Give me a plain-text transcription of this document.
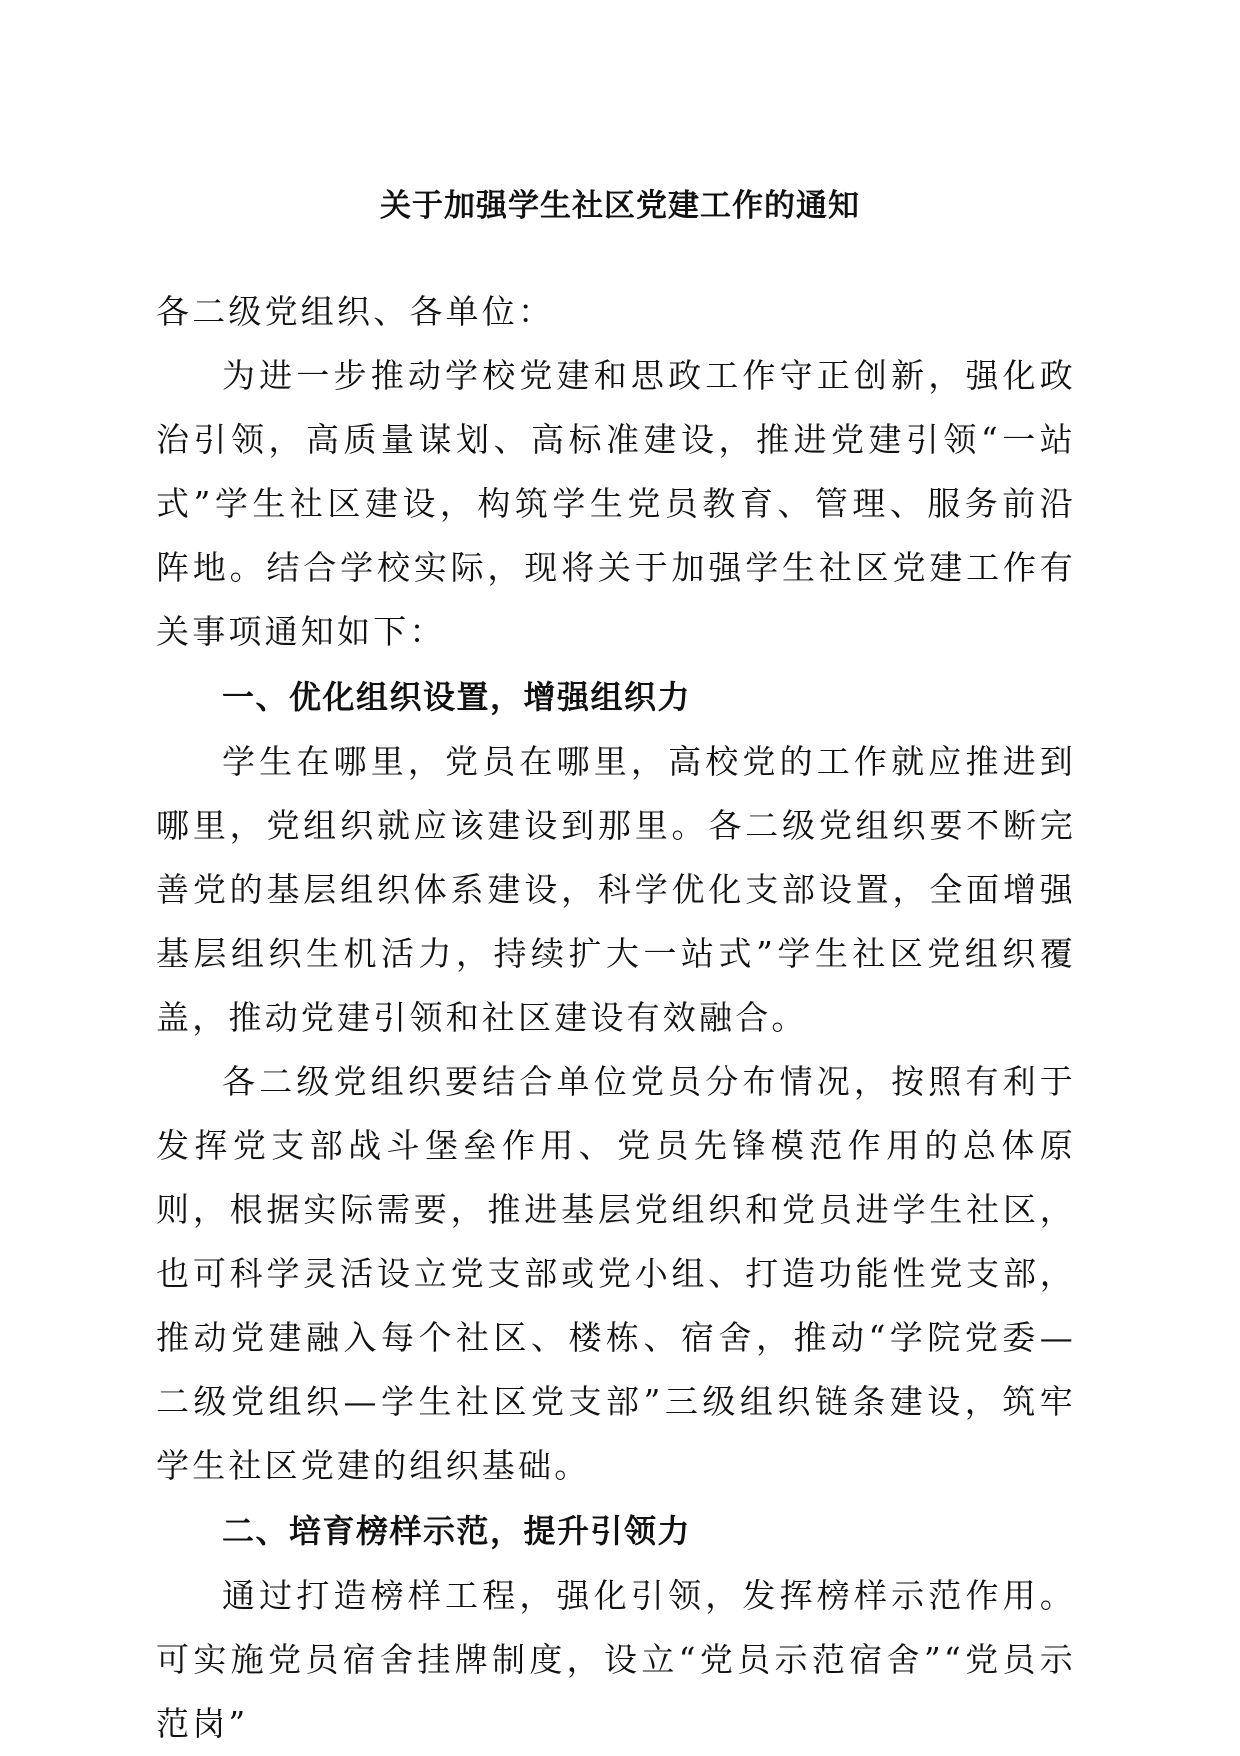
关于加强学生社区党建工作的通知

各二级党组织、各单位：

为进一步推动学校党建和思政工作守正创新，强化政治引领，高质量谋划、高标准建设，推进党建引领“一站式”学生社区建设，构筑学生党员教育、管理、服务前沿阵地。结合学校实际，现将关于加强学生社区党建工作有关事项通知如下：

一、优化组织设置，增强组织力

学生在哪里，党员在哪里，高校党的工作就应推进到哪里，党组织就应该建设到那里。各二级党组织要不断完善党的基层组织体系建设，科学优化支部设置，全面增强基层组织生机活力，持续扩大一站式”学生社区党组织覆盖，推动党建引领和社区建设有效融合。

各二级党组织要结合单位党员分布情况，按照有利于发挥党支部战斗堡垒作用、党员先锋模范作用的总体原则，根据实际需要，推进基层党组织和党员进学生社区，也可科学灵活设立党支部或党小组、打造功能性党支部，推动党建融入每个社区、楼栋、宿舍，推动“学院党委—二级党组织—学生社区党支部”三级组织链条建设，筑牢学生社区党建的组织基础。

二、培育榜样示范，提升引领力

通过打造榜样工程，强化引领，发挥榜样示范作用。可实施党员宿舍挂牌制度，设立“党员示范宿舍”“党员示范岗”
